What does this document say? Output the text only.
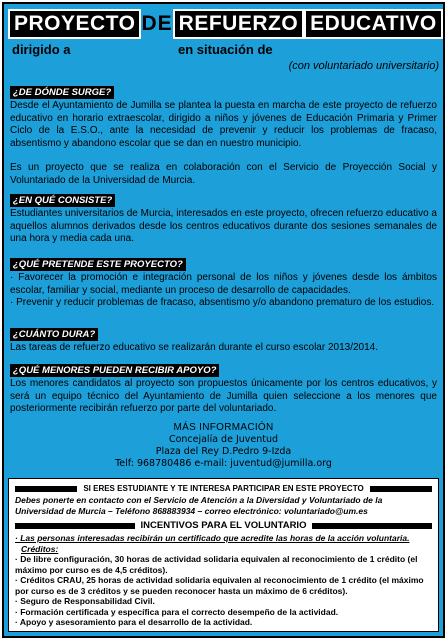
PROYECTO DE REFUERZO EDUCATIVO
dirigido a	en situación de
(con voluntariado universitario)
¿DE DÓNDE SURGE?

Desde el Ayuntamiento de Jumilla se plantea la puesta en marcha de este proyecto de refuerzo educativo en horario extraescolar, dirigido a niños y jóvenes de Educación Primaria y Primer Ciclo de la E.S.O., ante la necesidad de prevenir y reducir los problemas de fracaso, absentismo y abandono escolar que se dan en nuestro municipio.

Es un proyecto que se realiza en colaboración con el Servicio de Proyección Social y Voluntariado de la Universidad de Murcia.

¿EN QUÉ CONSISTE?

Estudiantes universitarios de Murcia, interesados en este proyecto, ofrecen refuerzo educativo a aquellos alumnos derivados desde los centros educativos durante dos sesiones semanales de una hora y media cada una.

¿QUÉ PRETENDE ESTE PROYECTO?

· Favorecer la promoción e integración personal de los niños y jóvenes desde los ámbitos escolar, familiar y social, mediante un proceso de desarrollo de capacidades.

· Prevenir y reducir problemas de fracaso, absentismo y/o abandono prematuro de los estudios.

¿CUÁNTO DURA?

Las tareas de refuerzo educativo se realizarán durante el curso escolar 2013/2014.

¿QUÉ MENORES PUEDEN RECIBIR APOYO?

Los menores candidatos al proyecto son propuestos únicamente por los centros educativos, y será un equipo técnico del Ayuntamiento de Jumilla quien seleccione a los menores que posteriormente recibirán refuerzo por parte del voluntariado.

MÁS INFORMACIÓN
Concejalía de Juventud
Plaza del Rey D.Pedro 9-Izda
Telf: 968780486 e-mail: juventud@jumilla.org
SI ERES ESTUDIANTE Y TE INTERESA PARTICIPAR EN ESTE PROYECTO
Debes ponerte en contacto con el Servicio de Atención a la Diversidad y Voluntariado de la Universidad de Murcia – Teléfono 868883934 – correo electrónico: voluntariado@um.es
INCENTIVOS PARA EL VOLUNTARIO
· Las personas interesadas recibirán un certificado que acredite las horas de la acción voluntaria.
Créditos:
· De libre configuración, 30 horas de actividad solidaria equivalen al reconocimiento de 1 crédito (el máximo por curso es de 4,5 créditos).
· Créditos CRAU, 25 horas de actividad solidaria equivalen al reconocimiento de 1 crédito (el máximo por curso es de 3 créditos y se pueden reconocer hasta un máximo de 6 créditos).
· Seguro de Responsabilidad Civil.
· Formación certificada y específica para el correcto desempeño de la actividad.
· Apoyo y asesoramiento para el desarrollo de la actividad.
